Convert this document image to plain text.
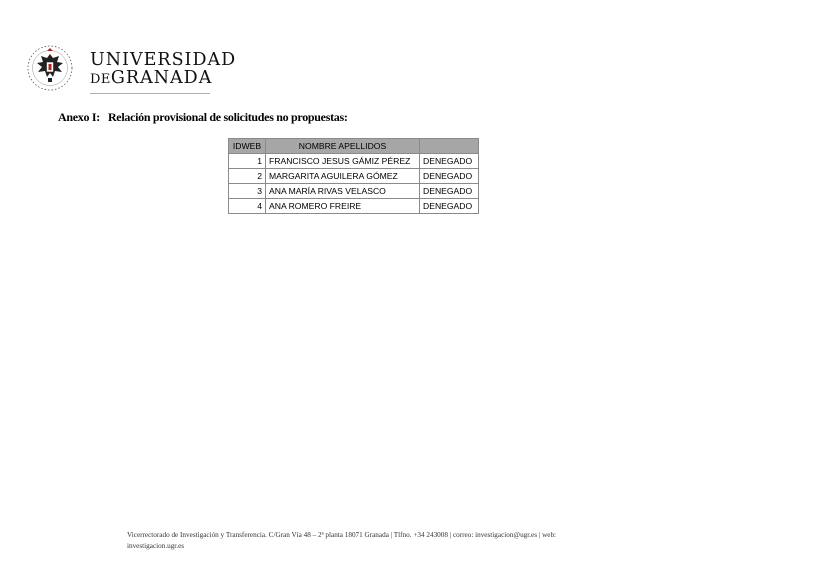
UNIVERSIDAD
DEGRANADA
Anexo I: Relación provisional de solicitudes no propuestas:
IDWEB	NOMBRE APELLIDOS	
1	FRANCISCO JESUS GÁMIZ PÉREZ	DENEGADO
2	MARGARITA AGUILERA GÓMEZ	DENEGADO
3	ANA MARÍA RIVAS VELASCO	DENEGADO
4	ANA ROMERO FREIRE	DENEGADO
Vicerrectorado de Investigación y Transferencia. C/Gran Vía 48 – 2ª planta 18071 Granada | Tlfno. +34 243008 | correo: investigacion@ugr.es | web:
investigacion.ugr.es
